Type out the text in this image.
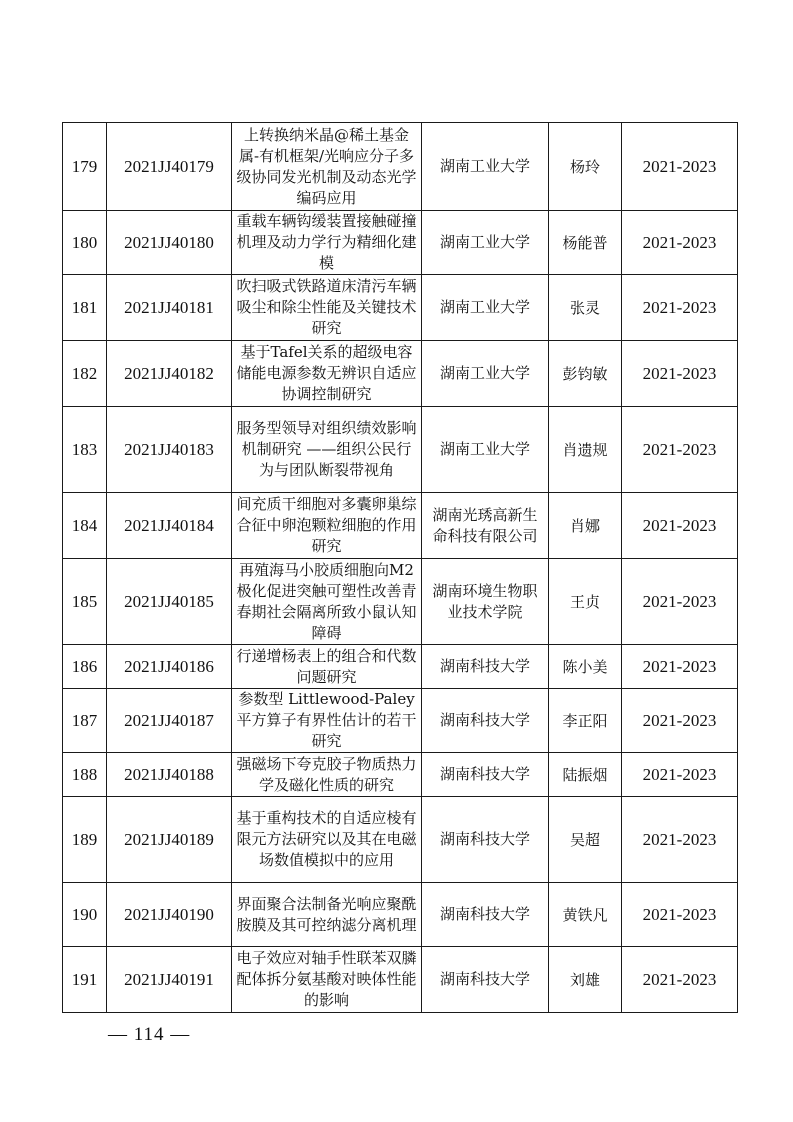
179	2021JJ40179	上转换纳米晶@稀土基金属-有机框架/光响应分子多级协同发光机制及动态光学编码应用	湖南工业大学	杨玲	2021-2023
180	2021JJ40180	重载车辆钩缓装置接触碰撞机理及动力学行为精细化建模	湖南工业大学	杨能普	2021-2023
181	2021JJ40181	吹扫吸式铁路道床清污车辆吸尘和除尘性能及关键技术研究	湖南工业大学	张灵	2021-2023
182	2021JJ40182	基于Tafel关系的超级电容储能电源参数无辨识自适应协调控制研究	湖南工业大学	彭钧敏	2021-2023
183	2021JJ40183	服务型领导对组织绩效影响机制研究 ——组织公民行为与团队断裂带视角	湖南工业大学	肖遗规	2021-2023
184	2021JJ40184	间充质干细胞对多囊卵巢综合征中卵泡颗粒细胞的作用研究	湖南光琇高新生命科技有限公司	肖娜	2021-2023
185	2021JJ40185	再殖海马小胶质细胞向M2极化促进突触可塑性改善青春期社会隔离所致小鼠认知障碍	湖南环境生物职业技术学院	王贞	2021-2023
186	2021JJ40186	行递增杨表上的组合和代数问题研究	湖南科技大学	陈小美	2021-2023
187	2021JJ40187	参数型 Littlewood-Paley平方算子有界性估计的若干研究	湖南科技大学	李正阳	2021-2023
188	2021JJ40188	强磁场下夸克胶子物质热力学及磁化性质的研究	湖南科技大学	陆振烟	2021-2023
189	2021JJ40189	基于重构技术的自适应棱有限元方法研究以及其在电磁场数值模拟中的应用	湖南科技大学	吴超	2021-2023
190	2021JJ40190	界面聚合法制备光响应聚酰胺膜及其可控纳滤分离机理	湖南科技大学	黄铁凡	2021-2023
191	2021JJ40191	电子效应对轴手性联苯双膦配体拆分氨基酸对映体性能的影响	湖南科技大学	刘雄	2021-2023
— 114 —
